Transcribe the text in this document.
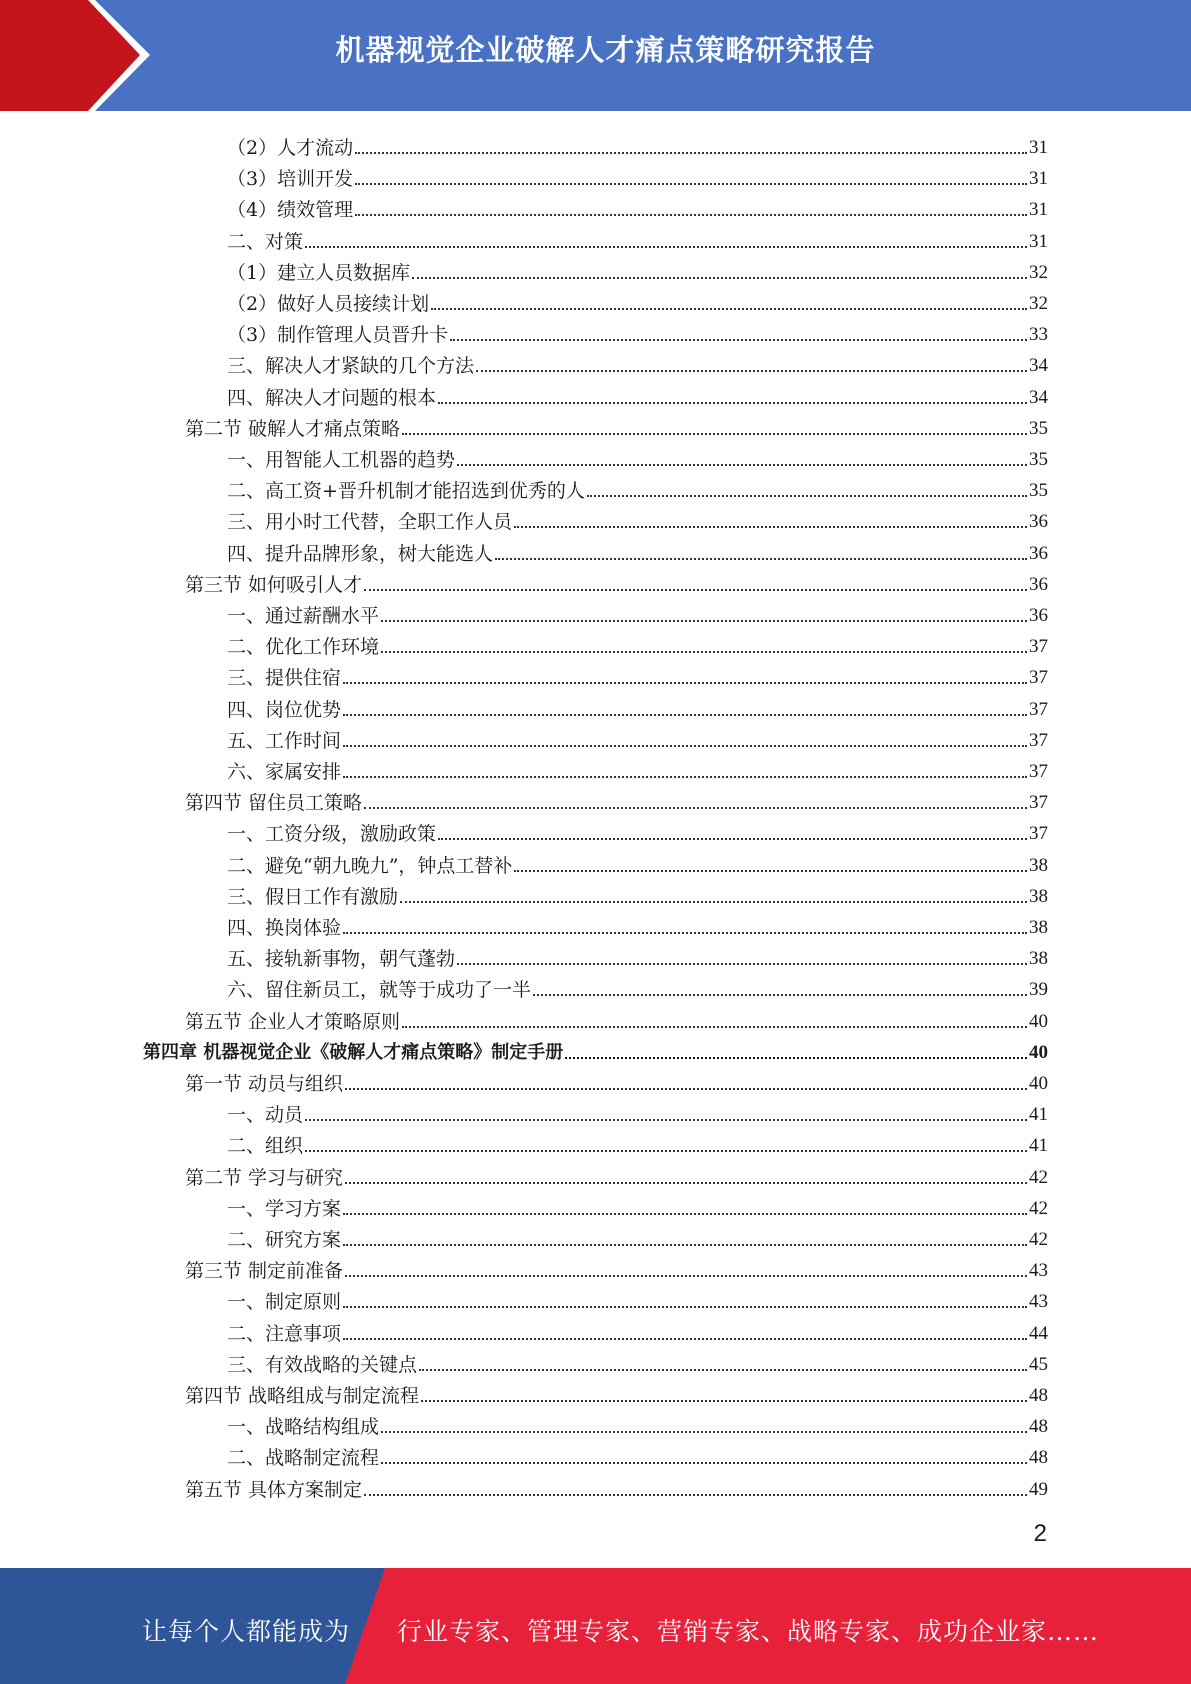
机器视觉企业破解人才痛点策略研究报告
（2）人才流动	31
（3）培训开发	31
（4）绩效管理	31
二、对策	31
（1）建立人员数据库	32
（2）做好人员接续计划	32
（3）制作管理人员晋升卡	33
三、解决人才紧缺的几个方法	34
四、解决人才问题的根本	34
第二节 破解人才痛点策略	35
一、用智能人工机器的趋势	35
二、高工资+晋升机制才能招选到优秀的人	35
三、用小时工代替，全职工作人员	36
四、提升品牌形象，树大能选人	36
第三节 如何吸引人才	36
一、通过薪酬水平	36
二、优化工作环境	37
三、提供住宿	37
四、岗位优势	37
五、工作时间	37
六、家属安排	37
第四节 留住员工策略	37
一、工资分级，激励政策	37
二、避免“朝九晚九”，钟点工替补	38
三、假日工作有激励	38
四、换岗体验	38
五、接轨新事物，朝气蓬勃	38
六、留住新员工，就等于成功了一半	39
第五节 企业人才策略原则	40
第四章 机器视觉企业《破解人才痛点策略》制定手册	40
第一节 动员与组织	40
一、动员	41
二、组织	41
第二节 学习与研究	42
一、学习方案	42
二、研究方案	42
第三节 制定前准备	43
一、制定原则	43
二、注意事项	44
三、有效战略的关键点	45
第四节 战略组成与制定流程	48
一、战略结构组成	48
二、战略制定流程	48
第五节 具体方案制定	49
2
让每个人都能成为 行业专家、管理专家、营销专家、战略专家、成功企业家……
